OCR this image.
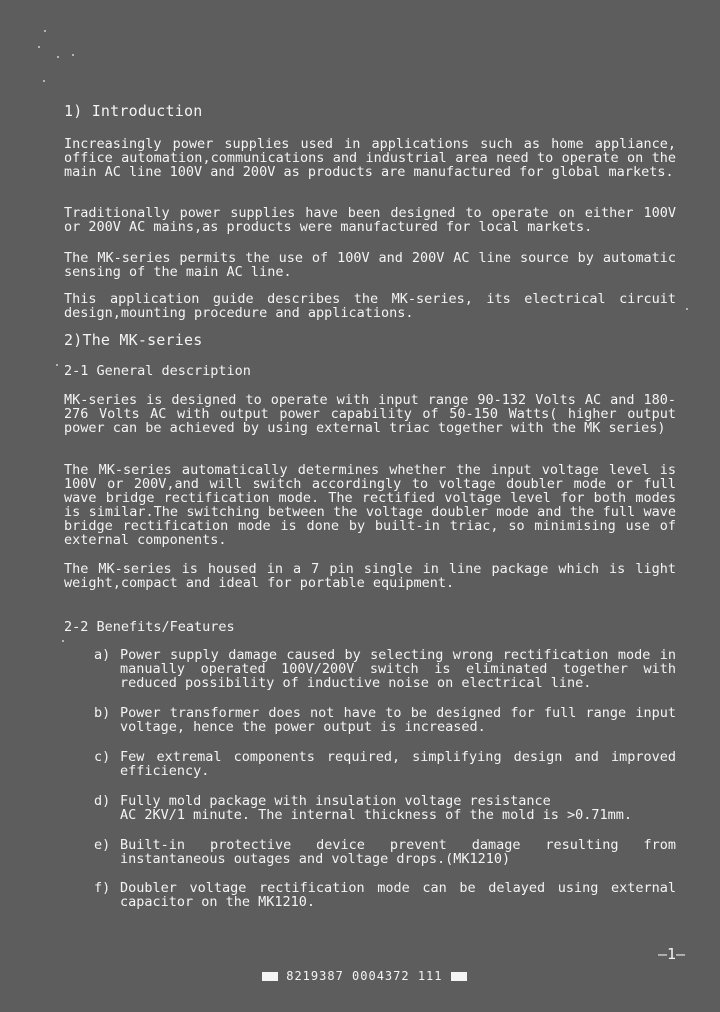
1) Introduction
Increasingly power supplies used in applications such as home appliance, office automation,communications and industrial area need to operate on the main AC line 100V and 200V as products are manufactured for global markets.
Traditionally power supplies have been designed to operate on either 100V or 200V AC mains,as products were manufactured for local markets.
The MK-series permits the use of 100V and 200V AC line source by automatic sensing of the main AC line.
This application guide describes the MK-series, its electrical circuit design,mounting procedure and applications.
2)The MK-series
2-1 General description
MK-series is designed to operate with input range 90-132 Volts AC and 180-276 Volts AC with output power capability of 50-150 Watts( higher output power can be achieved by using external triac together with the MK series)
The MK-series automatically determines whether the input voltage level is 100V or 200V,and will switch accordingly to voltage doubler mode or full wave bridge rectification mode. The rectified voltage level for both modes is similar.The switching between the voltage doubler mode and the full wave bridge rectification mode is done by built-in triac, so minimising use of external components.
The MK-series is housed in a 7 pin single in line package which is light weight,compact and ideal for portable equipment.
2-2 Benefits/Features
a) Power supply damage caused by selecting wrong rectification mode in manually operated 100V/200V switch is eliminated together with reduced possibility of inductive noise on electrical line.
b) Power transformer does not have to be designed for full range input voltage, hence the power output is increased.
c) Few extremal components required, simplifying design and improved efficiency.
d) Fully mold package with insulation voltage resistance
AC 2KV/1 minute. The internal thickness of the mold is >0.71mm.
e) Built-in protective device prevent damage resulting from instantaneous outages and voltage drops.(MK1210)
f) Doubler voltage rectification mode can be delayed using external capacitor on the MK1210.
—1—
8219387 0004372 111
